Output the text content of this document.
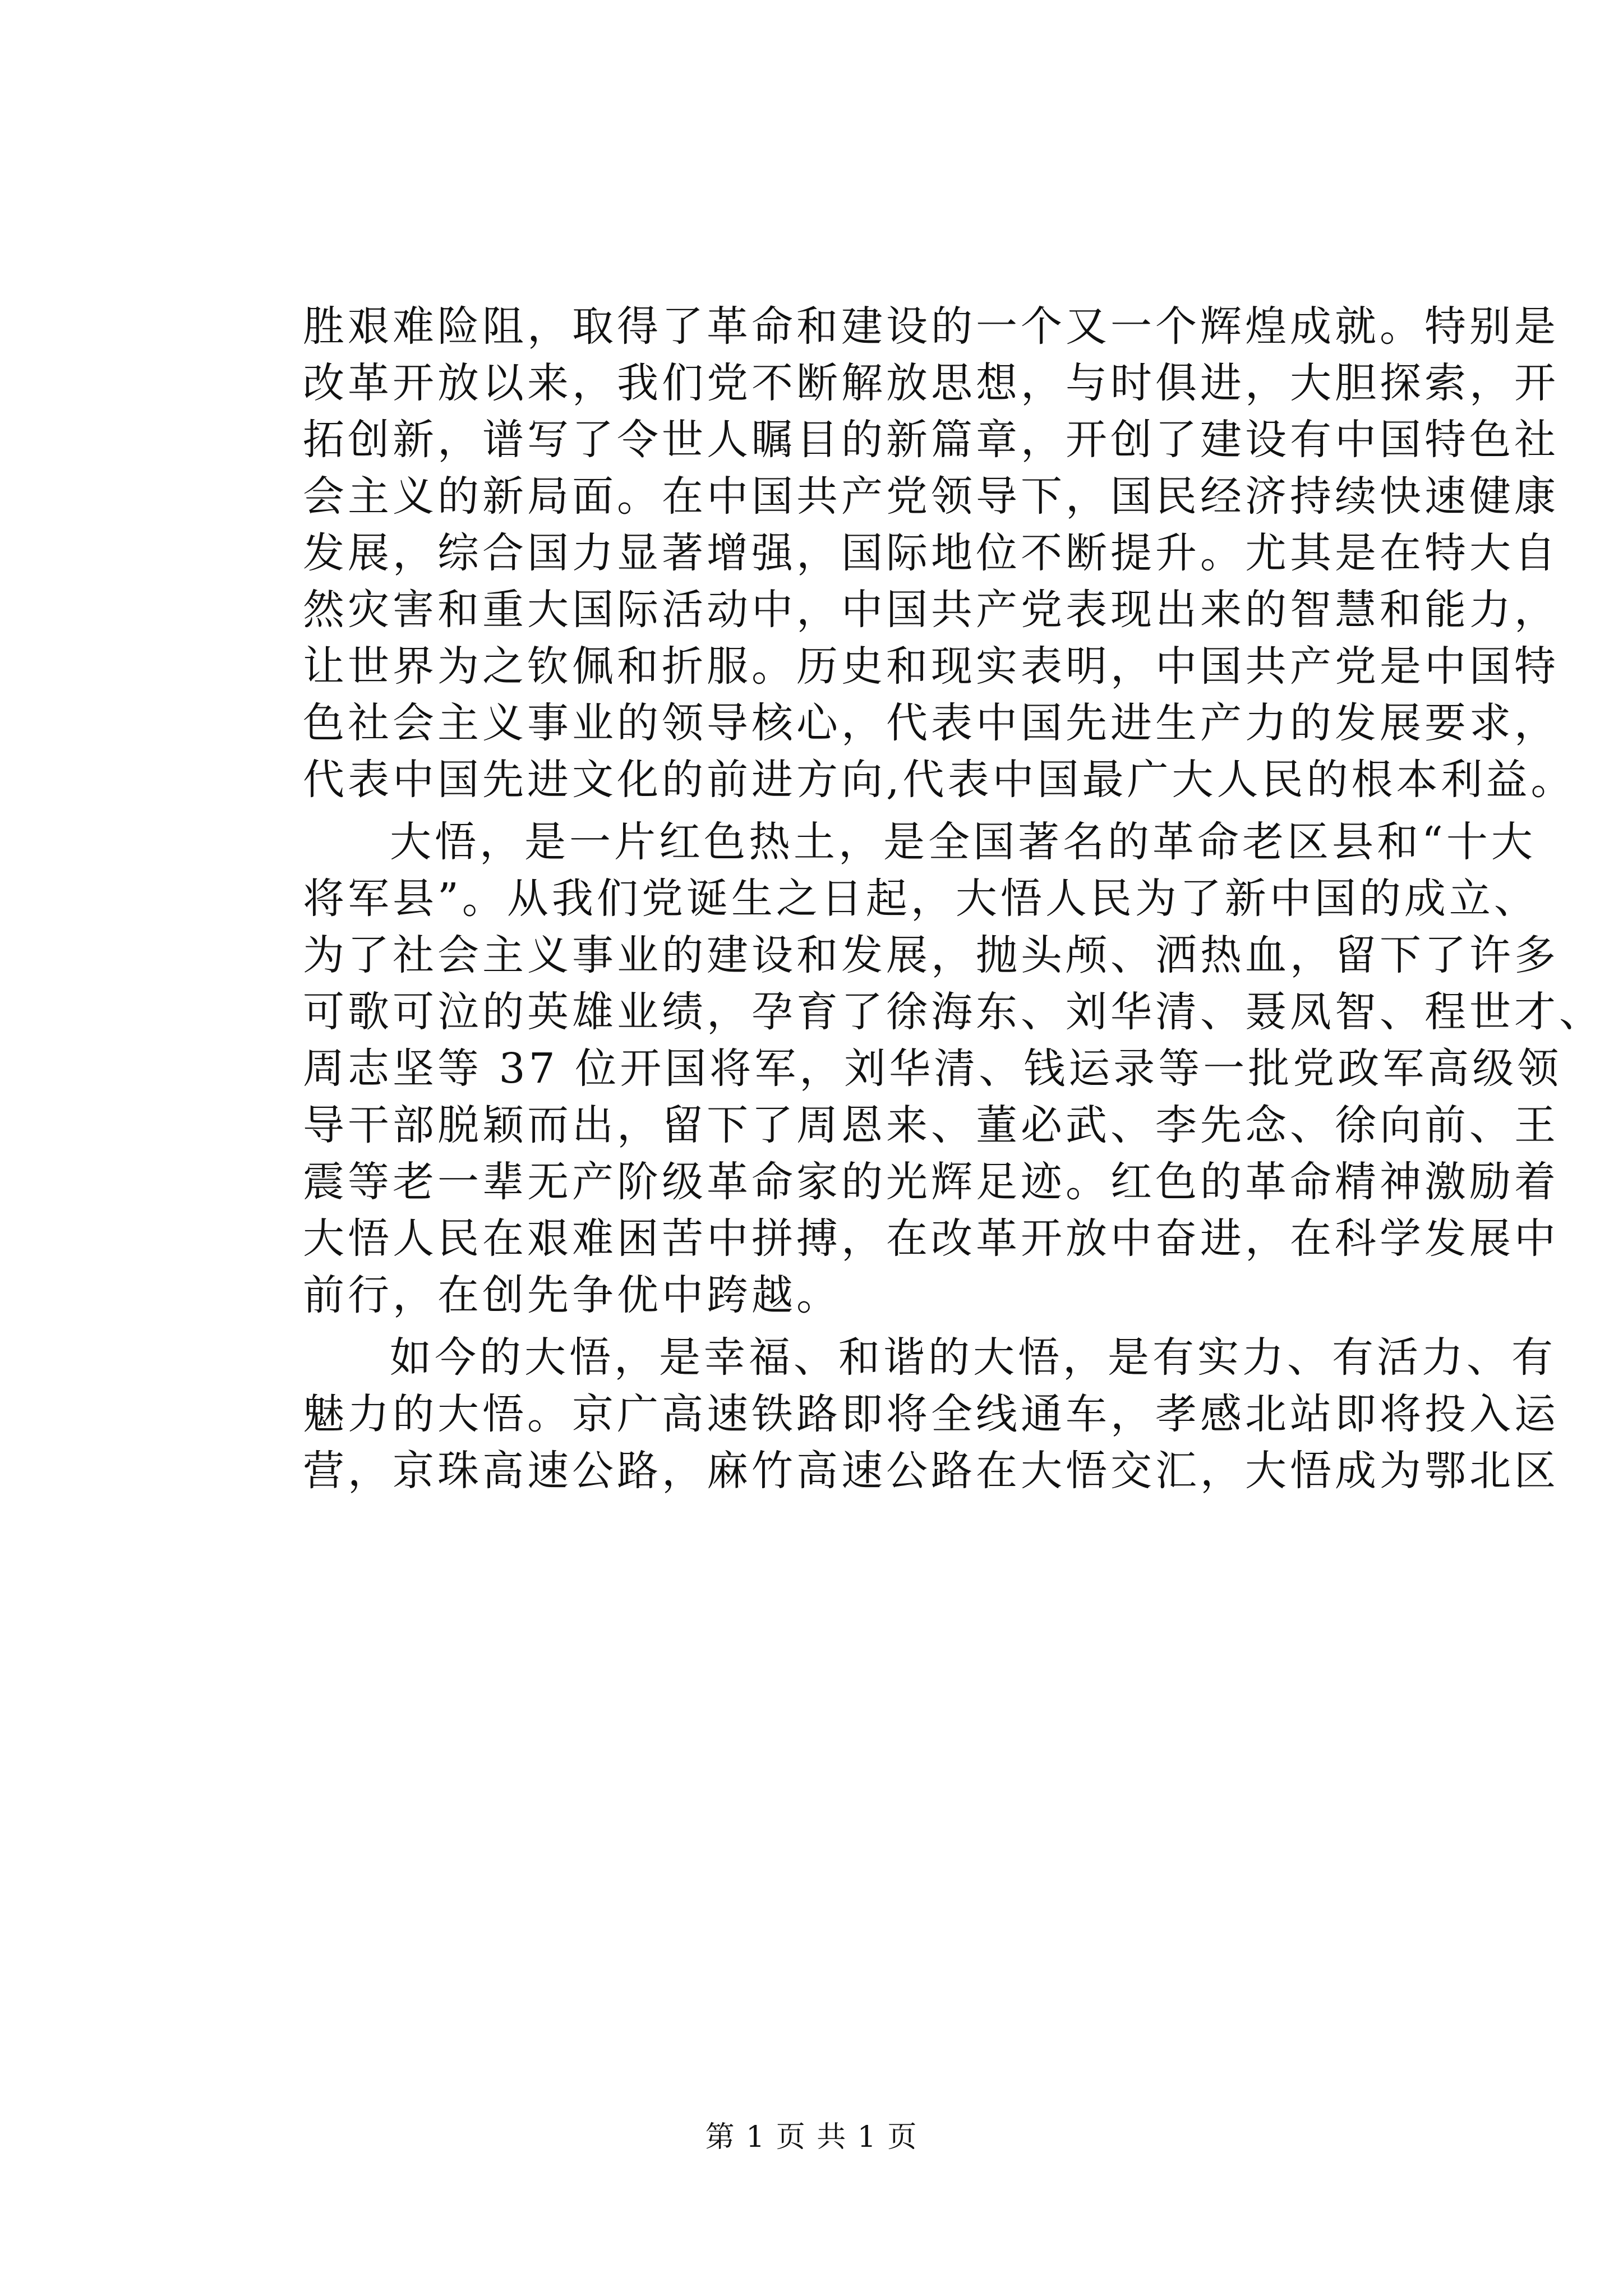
胜艰难险阻，取得了革命和建设的一个又一个辉煌成就。特别是
改革开放以来，我们党不断解放思想，与时俱进，大胆探索，开
拓创新，谱写了令世人瞩目的新篇章，开创了建设有中国特色社
会主义的新局面。在中国共产党领导下，国民经济持续快速健康
发展，综合国力显著增强，国际地位不断提升。尤其是在特大自
然灾害和重大国际活动中，中国共产党表现出来的智慧和能力，
让世界为之钦佩和折服。历史和现实表明，中国共产党是中国特
色社会主义事业的领导核心，代表中国先进生产力的发展要求，
代表中国先进文化的前进方向,代表中国最广大人民的根本利益。
大悟，是一片红色热土，是全国著名的革命老区县和“十大
将军县”。从我们党诞生之日起，大悟人民为了新中国的成立、
为了社会主义事业的建设和发展，抛头颅、洒热血，留下了许多
可歌可泣的英雄业绩，孕育了徐海东、刘华清、聂凤智、程世才、
周志坚等 37 位开国将军，刘华清、钱运录等一批党政军高级领
导干部脱颖而出，留下了周恩来、董必武、李先念、徐向前、王
震等老一辈无产阶级革命家的光辉足迹。红色的革命精神激励着
大悟人民在艰难困苦中拼搏，在改革开放中奋进，在科学发展中
前行，在创先争优中跨越。
如今的大悟，是幸福、和谐的大悟，是有实力、有活力、有
魅力的大悟。京广高速铁路即将全线通车，孝感北站即将投入运
营，京珠高速公路，麻竹高速公路在大悟交汇，大悟成为鄂北区
第 1 页 共 1 页
